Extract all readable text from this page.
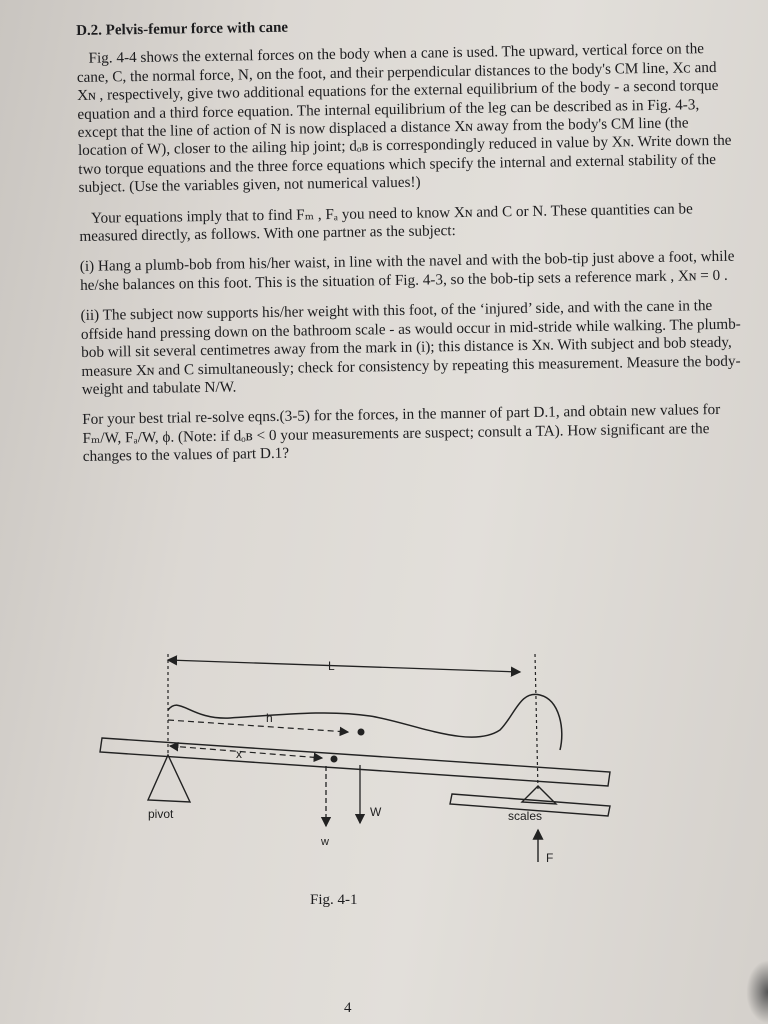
D.2. Pelvis-femur force with cane

Fig. 4-4 shows the external forces on the body when a cane is used. The upward, vertical force on the cane, C, the normal force, N, on the foot, and their perpendicular distances to the body's CM line, Xᴄ and Xɴ , respectively, give two additional equations for the external equilibrium of the body - a second torque equation and a third force equation. The internal equilibrium of the leg can be described as in Fig. 4-3, except that the line of action of N is now displaced a distance Xɴ away from the body's CM line (the location of W), closer to the ailing hip joint; dₒʙ is correspondingly reduced in value by Xɴ. Write down the two torque equations and the three force equations which specify the internal and external stability of the subject. (Use the variables given, not numerical values!)

Your equations imply that to find Fₘ , Fₐ you need to know Xɴ and C or N. These quantities can be measured directly, as follows. With one partner as the subject:

(i) Hang a plumb-bob from his/her waist, in line with the navel and with the bob-tip just above a foot, while he/she balances on this foot. This is the situation of Fig. 4-3, so the bob-tip sets a reference mark , Xɴ = 0 .

(ii) The subject now supports his/her weight with this foot, of the ‘injured’ side, and with the cane in the offside hand pressing down on the bathroom scale - as would occur in mid-stride while walking. The plumb-bob will sit several centimetres away from the mark in (i); this distance is Xɴ. With subject and bob steady, measure Xɴ and C simultaneously; check for consistency by repeating this measurement. Measure the body-weight and tabulate N/W.

For your best trial re-solve eqns.(3-5) for the forces, in the manner of part D.1, and obtain new values for Fₘ/W, Fₐ/W, ϕ. (Note: if dₒʙ < 0 your measurements are suspect; consult a TA). How significant are the changes to the values of part D.1?

L
h
x
pivot	W
w
scales
F
Fig. 4-1
4
